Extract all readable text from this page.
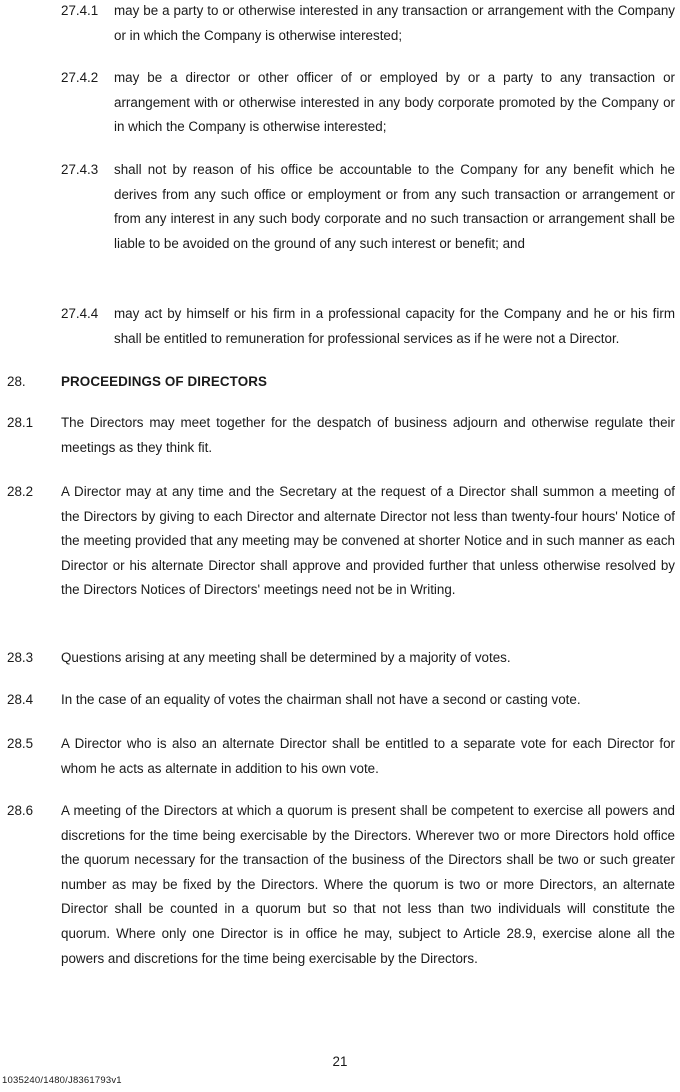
27.4.1 may be a party to or otherwise interested in any transaction or arrangement with the Company or in which the Company is otherwise interested;

27.4.2 may be a director or other officer of or employed by or a party to any transaction or arrangement with or otherwise interested in any body corporate promoted by the Company or in which the Company is otherwise interested;

27.4.3 shall not by reason of his office be accountable to the Company for any benefit which he derives from any such office or employment or from any such transaction or arrangement or from any interest in any such body corporate and no such transaction or arrangement shall be liable to be avoided on the ground of any such interest or benefit; and

27.4.4 may act by himself or his firm in a professional capacity for the Company and he or his firm shall be entitled to remuneration for professional services as if he were not a Director.

28.	PROCEEDINGS OF DIRECTORS
28.1 The Directors may meet together for the despatch of business adjourn and otherwise regulate their meetings as they think fit.

28.2 A Director may at any time and the Secretary at the request of a Director shall summon a meeting of the Directors by giving to each Director and alternate Director not less than twenty-four hours' Notice of the meeting provided that any meeting may be convened at shorter Notice and in such manner as each Director or his alternate Director shall approve and provided further that unless otherwise resolved by the Directors Notices of Directors' meetings need not be in Writing.

28.3 Questions arising at any meeting shall be determined by a majority of votes.

28.4 In the case of an equality of votes the chairman shall not have a second or casting vote.

28.5 A Director who is also an alternate Director shall be entitled to a separate vote for each Director for whom he acts as alternate in addition to his own vote.

28.6 A meeting of the Directors at which a quorum is present shall be competent to exercise all powers and discretions for the time being exercisable by the Directors. Wherever two or more Directors hold office the quorum necessary for the transaction of the business of the Directors shall be two or such greater number as may be fixed by the Directors. Where the quorum is two or more Directors, an alternate Director shall be counted in a quorum but so that not less than two individuals will constitute the quorum. Where only one Director is in office he may, subject to Article 28.9, exercise alone all the powers and discretions for the time being exercisable by the Directors.

21
1035240/1480/J8361793v1
